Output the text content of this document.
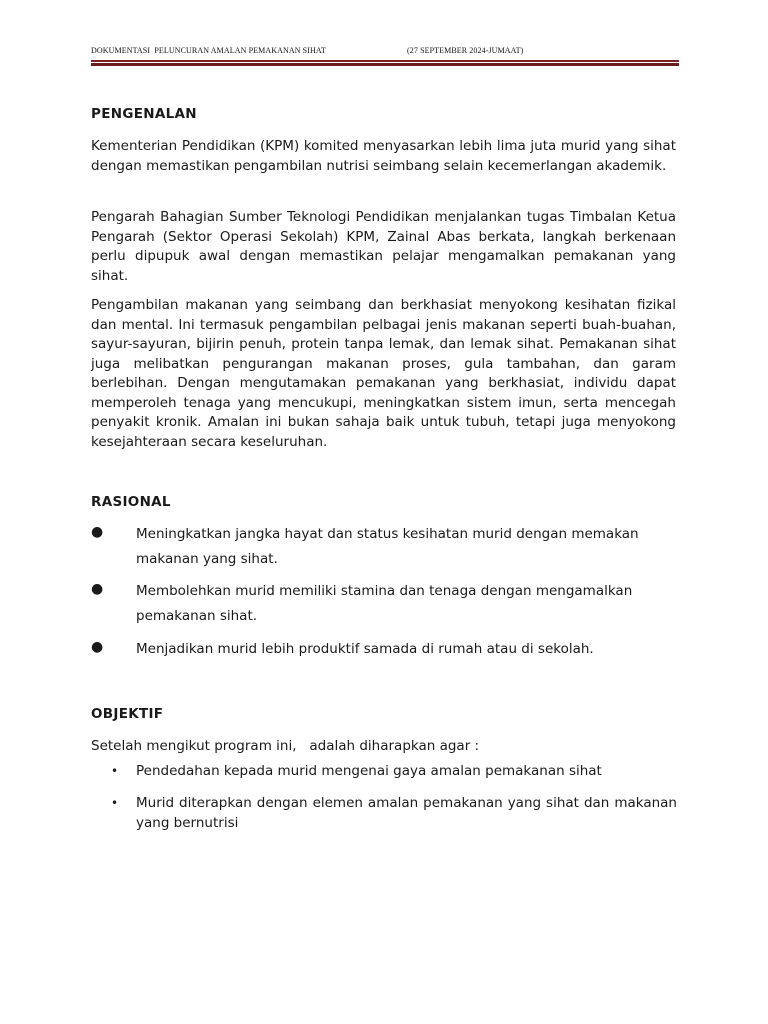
DOKUMENTASI  PELUNCURAN AMALAN PEMAKANAN SIHAT	(27 SEPTEMBER 2024-JUMAAT)
PENGENALAN
Kementerian Pendidikan (KPM) komited menyasarkan lebih lima juta murid yang sihat dengan memastikan pengambilan nutrisi seimbang selain kecemerlangan akademik.
Pengarah Bahagian Sumber Teknologi Pendidikan menjalankan tugas Timbalan Ketua Pengarah (Sektor Operasi Sekolah) KPM, Zainal Abas berkata, langkah berkenaan perlu dipupuk awal dengan memastikan pelajar mengamalkan pemakanan yang sihat.
Pengambilan makanan yang seimbang dan berkhasiat menyokong kesihatan fizikal dan mental. Ini termasuk pengambilan pelbagai jenis makanan seperti buah-buahan, sayur-sayuran, bijirin penuh, protein tanpa lemak, dan lemak sihat. Pemakanan sihat juga melibatkan pengurangan makanan proses, gula tambahan, dan garam berlebihan. Dengan mengutamakan pemakanan yang berkhasiat, individu dapat memperoleh tenaga yang mencukupi, meningkatkan sistem imun, serta mencegah penyakit kronik. Amalan ini bukan sahaja baik untuk tubuh, tetapi juga menyokong kesejahteraan secara keseluruhan.
RASIONAL
● Meningkatkan jangka hayat dan status kesihatan murid dengan memakan makanan yang sihat.
● Membolehkan murid memiliki stamina dan tenaga dengan mengamalkan pemakanan sihat.
● Menjadikan murid lebih produktif samada di rumah atau di sekolah.
OBJEKTIF
Setelah mengikut program ini,   adalah diharapkan agar :
• Pendedahan kepada murid mengenai gaya amalan pemakanan sihat
• Murid diterapkan dengan elemen amalan pemakanan yang sihat dan makanan yang bernutrisi
